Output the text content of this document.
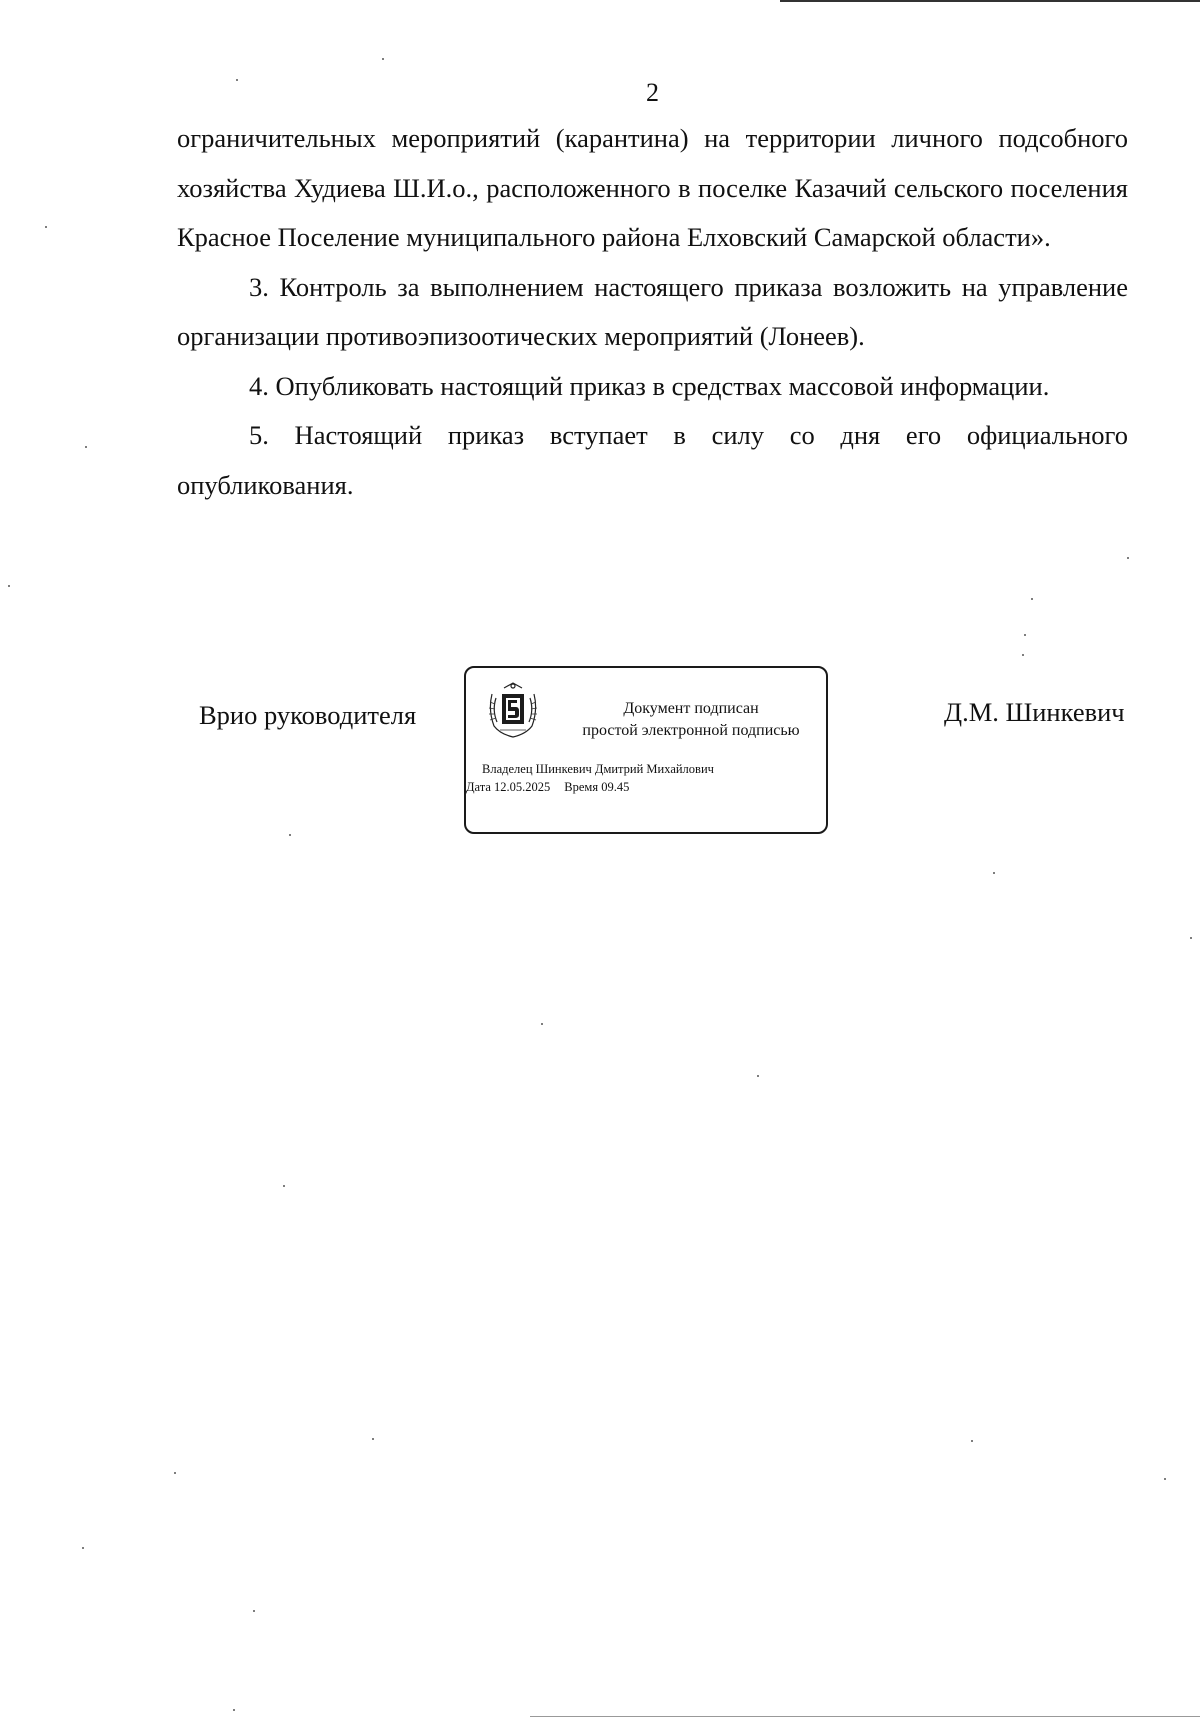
2

ограничительных мероприятий (карантина) на территории личного подсобного хозяйства Худиева Ш.И.о., расположенного в поселке Казачий сельского поселения Красное Поселение муниципального района Елховский Самарской области».

3. Контроль за выполнением настоящего приказа возложить на управление организации противоэпизоотических мероприятий (Лонеев).

4. Опубликовать настоящий приказ в средствах массовой информации.

5. Настоящий приказ вступает в силу со дня его официального опубликования.

Врио руководителя	Документ подписан
простой электронной подписью
Владелец Шинкевич Дмитрий Михайлович
Дата 12.05.2025 Время 09.45
Д.М. Шинкевич
